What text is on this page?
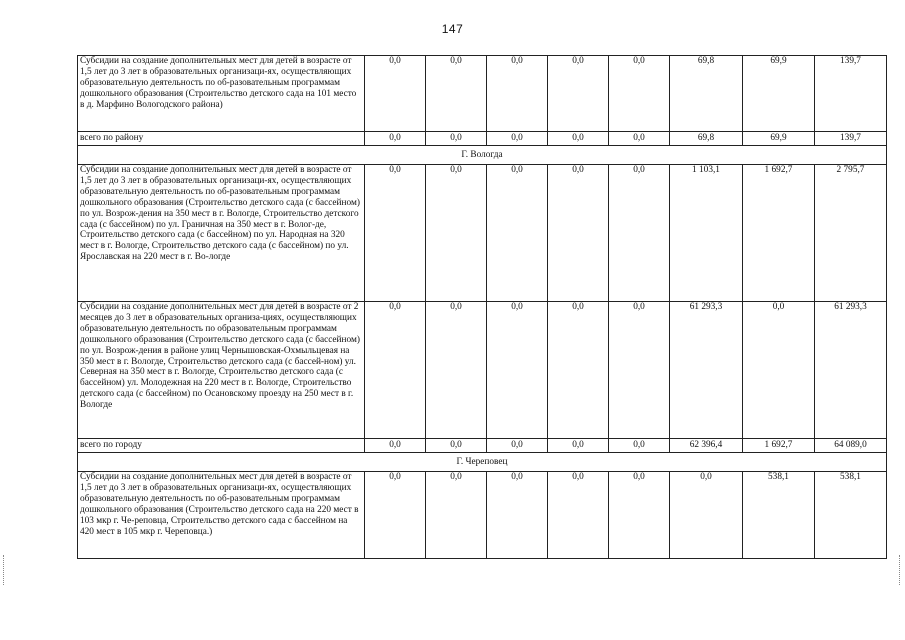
147
Субсидии на создание дополнительных мест для детей в возрасте от 1,5 лет до 3 лет в образовательных организаци-ях, осуществляющих образовательную деятельность по об-разовательным программам дошкольного образования (Строительство детского сада на 101 место в д. Марфино Вологодского района)	0,0	0,0	0,0	0,0	0,0	69,8	69,9	139,7
всего по району	0,0	0,0	0,0	0,0	0,0	69,8	69,9	139,7
Г. Вологда								
Субсидии на создание дополнительных мест для детей в возрасте от 1,5 лет до 3 лет в образовательных организаци-ях, осуществляющих образовательную деятельность по об-разовательным программам дошкольного образования (Строительство детского сада (с бассейном) по ул. Возрож-дения на 350 мест в г. Вологде, Строительство детского сада (с бассейном) по ул. Граничная на 350 мест в г. Волог-де, Строительство детского сада (с бассейном) по ул. Народная на 320 мест в г. Вологде, Строительство детского сада (с бассейном) по ул. Ярославская на 220 мест в г. Во-логде	0,0	0,0	0,0	0,0	0,0	1 103,1	1 692,7	2 795,7
Субсидии на создание дополнительных мест для детей в возрасте от 2 месяцев до 3 лет в образовательных организа-циях, осуществляющих образовательную деятельность по образовательным программам дошкольного образования (Строительство детского сада (с бассейном) по ул. Возрож-дения в районе улиц Чернышовская-Охмыльцевая на 350 мест в г. Вологде, Строительство детского сада (с бассей-ном) ул. Северная на 350 мест в г. Вологде, Строительство детского сада (с бассейном) ул. Молодежная на 220 мест в г. Вологде, Строительство детского сада (с бассейном) по Осановскому проезду на 250 мест в г. Вологде	0,0	0,0	0,0	0,0	0,0	61 293,3	0,0	61 293,3
всего по городу	0,0	0,0	0,0	0,0	0,0	62 396,4	1 692,7	64 089,0
Г. Череповец								
Субсидии на создание дополнительных мест для детей в возрасте от 1,5 лет до 3 лет в образовательных организаци-ях, осуществляющих образовательную деятельность по об-разовательным программам дошкольного образования (Строительство детского сада на 220 мест в 103 мкр г. Че-реповца, Строительство детского сада с бассейном на 420 мест в 105 мкр г. Череповца.)	0,0	0,0	0,0	0,0	0,0	0,0	538,1	538,1
